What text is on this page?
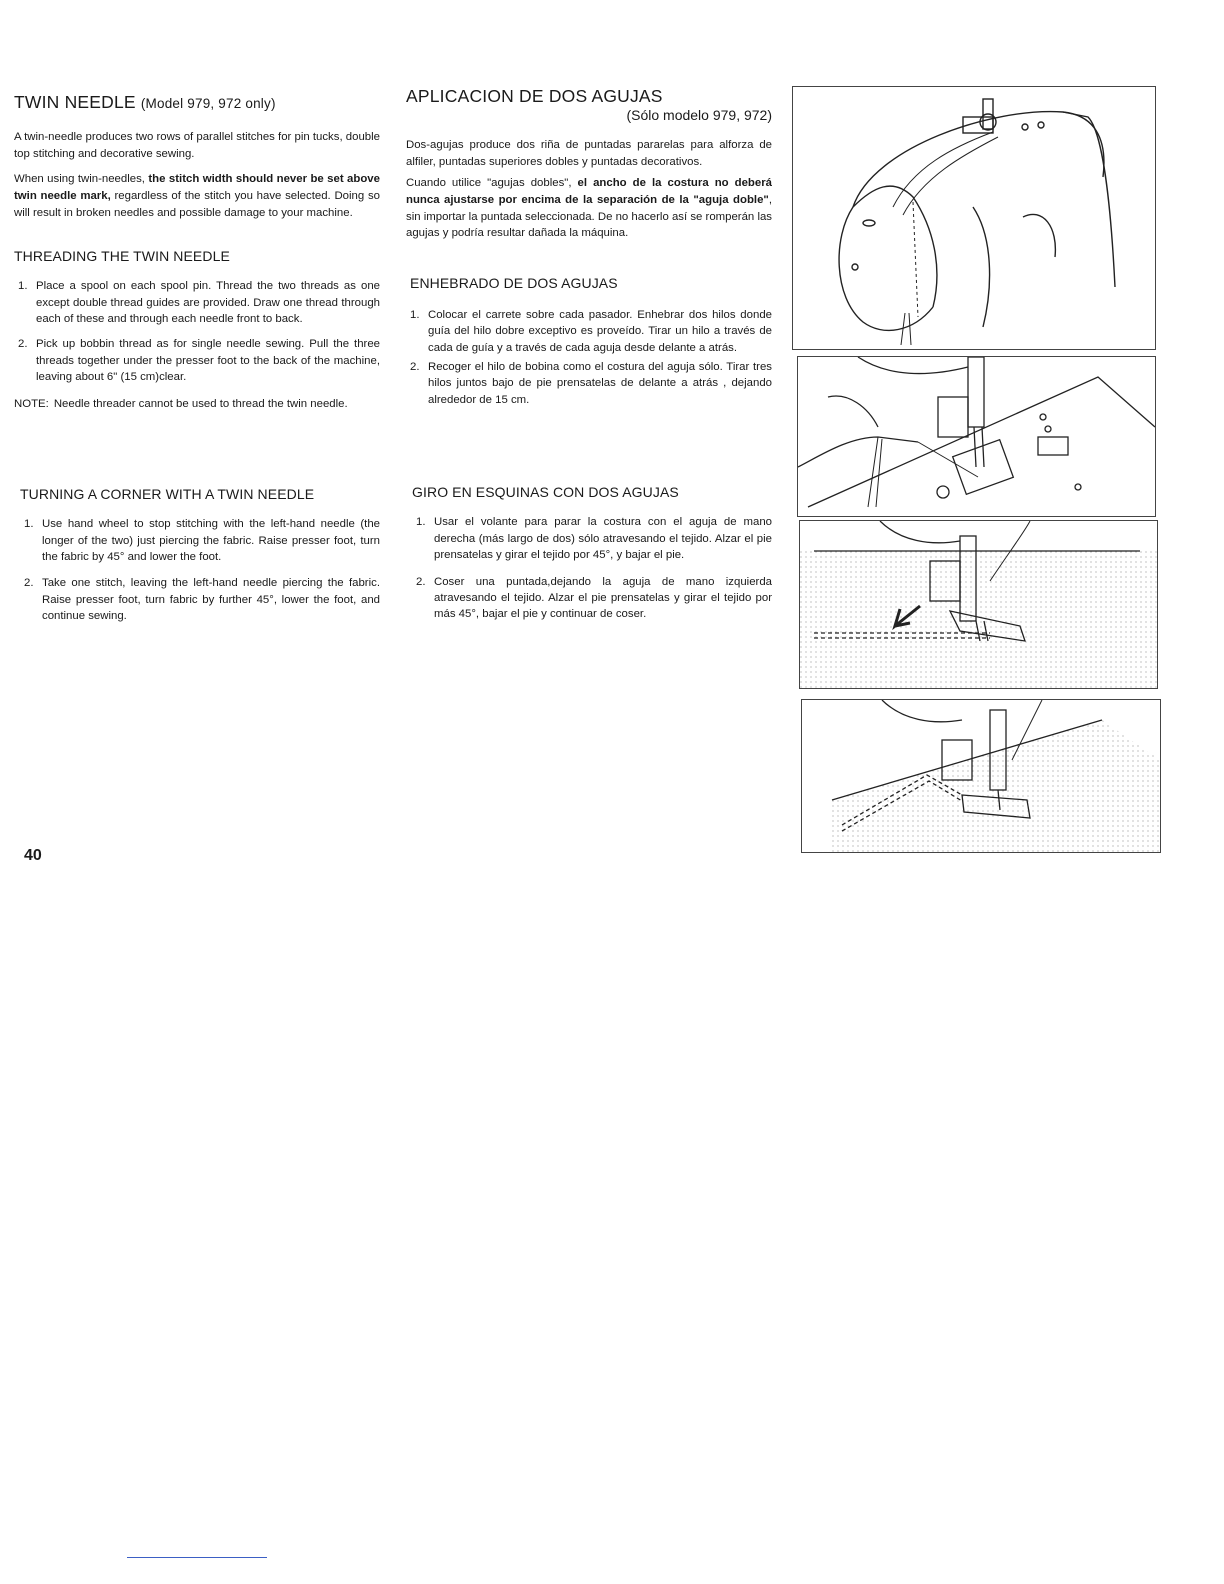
TWIN NEEDLE (Model 979, 972 only)

A twin-needle produces two rows of parallel stitches for pin tucks, double top stitching and decorative sewing.

When using twin-needles, the stitch width should never be set above twin needle mark, regardless of the stitch you have selected. Doing so will result in broken needles and possible damage to your machine.

THREADING THE TWIN NEEDLE
1. Place a spool on each spool pin. Thread the two threads as one except double thread guides are provided. Draw one thread through each of these and through each needle front to back.
2. Pick up bobbin thread as for single needle sewing. Pull the three threads together under the presser foot to the back of the machine, leaving about 6" (15 cm)clear.
NOTE: Needle threader cannot be used to thread the twin needle.
TURNING A CORNER WITH A TWIN NEEDLE
1. Use hand wheel to stop stitching with the left-hand needle (the longer of the two) just piercing the fabric. Raise presser foot, turn the fabric by 45° and lower the foot.
2. Take one stitch, leaving the left-hand needle piercing the fabric. Raise presser foot, turn fabric by further 45°, lower the foot, and continue sewing.
APLICACION DE DOS AGUJAS
(Sólo modelo 979, 972)

Dos-agujas produce dos riña de puntadas pararelas para alforza de alfiler, puntadas superiores dobles y puntadas decorativos.

Cuando utilice "agujas dobles", el ancho de la costura no deberá nunca ajustarse por encima de la separación de la "aguja doble", sin importar la puntada seleccionada. De no hacerlo así se romperán las agujas y podría resultar dañada la máquina.

ENHEBRADO DE DOS AGUJAS
1. Colocar el carrete sobre cada pasador. Enhebrar dos hilos donde guía del hilo dobre exceptivo es proveído. Tirar un hilo a través de cada de guía y a través de cada aguja desde delante a atrás.
2. Recoger el hilo de bobina como el costura del aguja sólo. Tirar tres hilos juntos bajo de pie prensatelas de delante a atrás , dejando alrededor de 15 cm.
GIRO EN ESQUINAS CON DOS AGUJAS
1. Usar el volante para parar la costura con el aguja de mano derecha (más largo de dos) sólo atravesando el tejido. Alzar el pie prensatelas y girar el tejido por 45°, y bajar el pie.
2. Coser una puntada,dejando la aguja de mano izquierda atravesando el tejido. Alzar el pie prensatelas y girar el tejido por más 45°, bajar el pie y continuar de coser.
40
